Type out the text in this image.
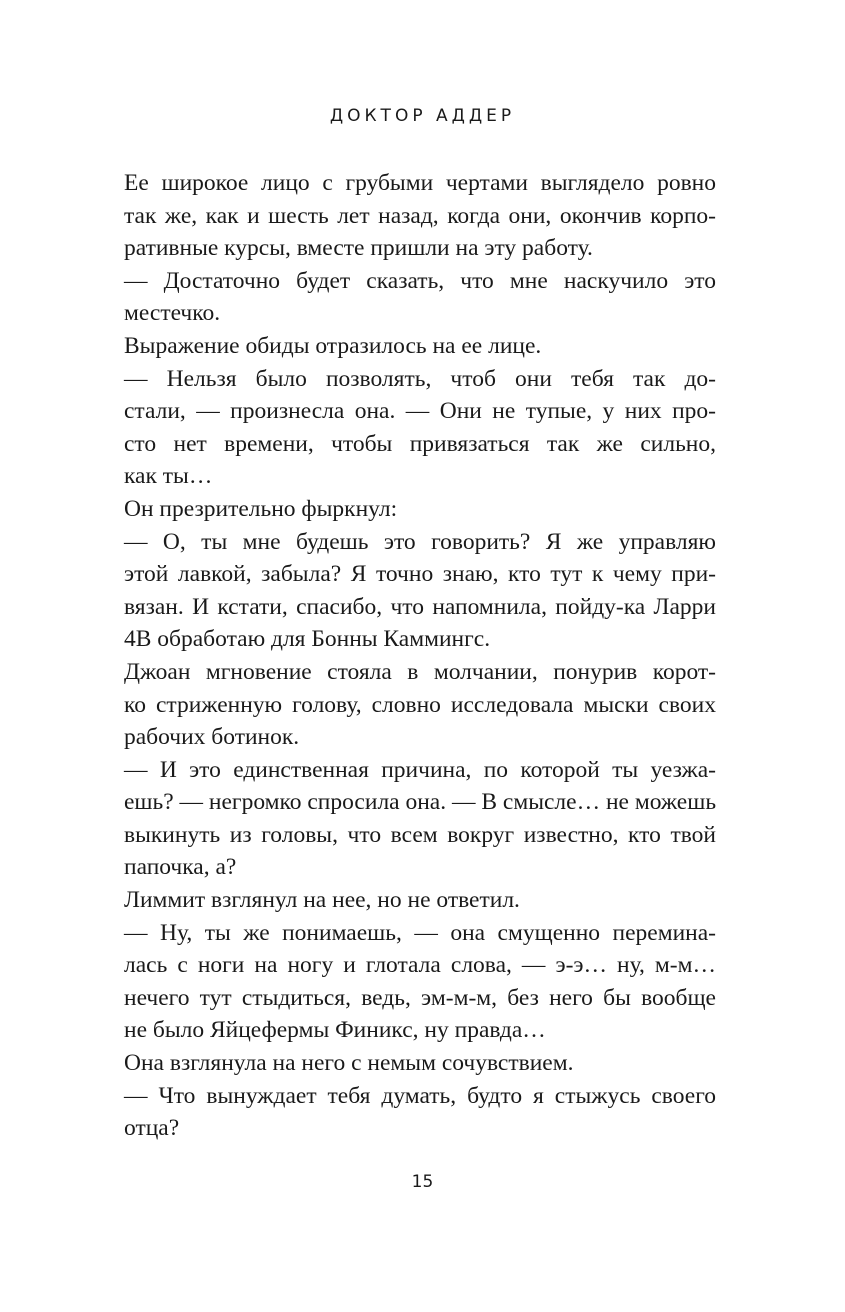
ДОКТОР АДДЕР
Ее широкое лицо с грубыми чертами выглядело ровно
так же, как и шесть лет назад, когда они, окончив корпо-
ративные курсы, вместе пришли на эту работу.
— Достаточно будет сказать, что мне наскучило это
местечко.
Выражение обиды отразилось на ее лице.
— Нельзя было позволять, чтоб они тебя так до-
стали, — произнесла она. — Они не тупые, у них про-
сто нет времени, чтобы привязаться так же сильно,
как ты…
Он презрительно фыркнул:
— О, ты мне будешь это говорить? Я же управляю
этой лавкой, забыла? Я точно знаю, кто тут к чему при-
вязан. И кстати, спасибо, что напомнила, пойду-ка Ларри
4В обработаю для Бонны Каммингс.
Джоан мгновение стояла в молчании, понурив корот-
ко стриженную голову, словно исследовала мыски своих
рабочих ботинок.
— И это единственная причина, по которой ты уезжа-
ешь? — негромко спросила она. — В смысле… не можешь
выкинуть из головы, что всем вокруг известно, кто твой
папочка, а?
Лиммит взглянул на нее, но не ответил.
— Ну, ты же понимаешь, — она смущенно перемина-
лась с ноги на ногу и глотала слова, — э-э… ну, м-м…
нечего тут стыдиться, ведь, эм-м-м, без него бы вообще
не было Яйцефермы Финикс, ну правда…
Она взглянула на него с немым сочувствием.
— Что вынуждает тебя думать, будто я стыжусь своего
отца?
15
